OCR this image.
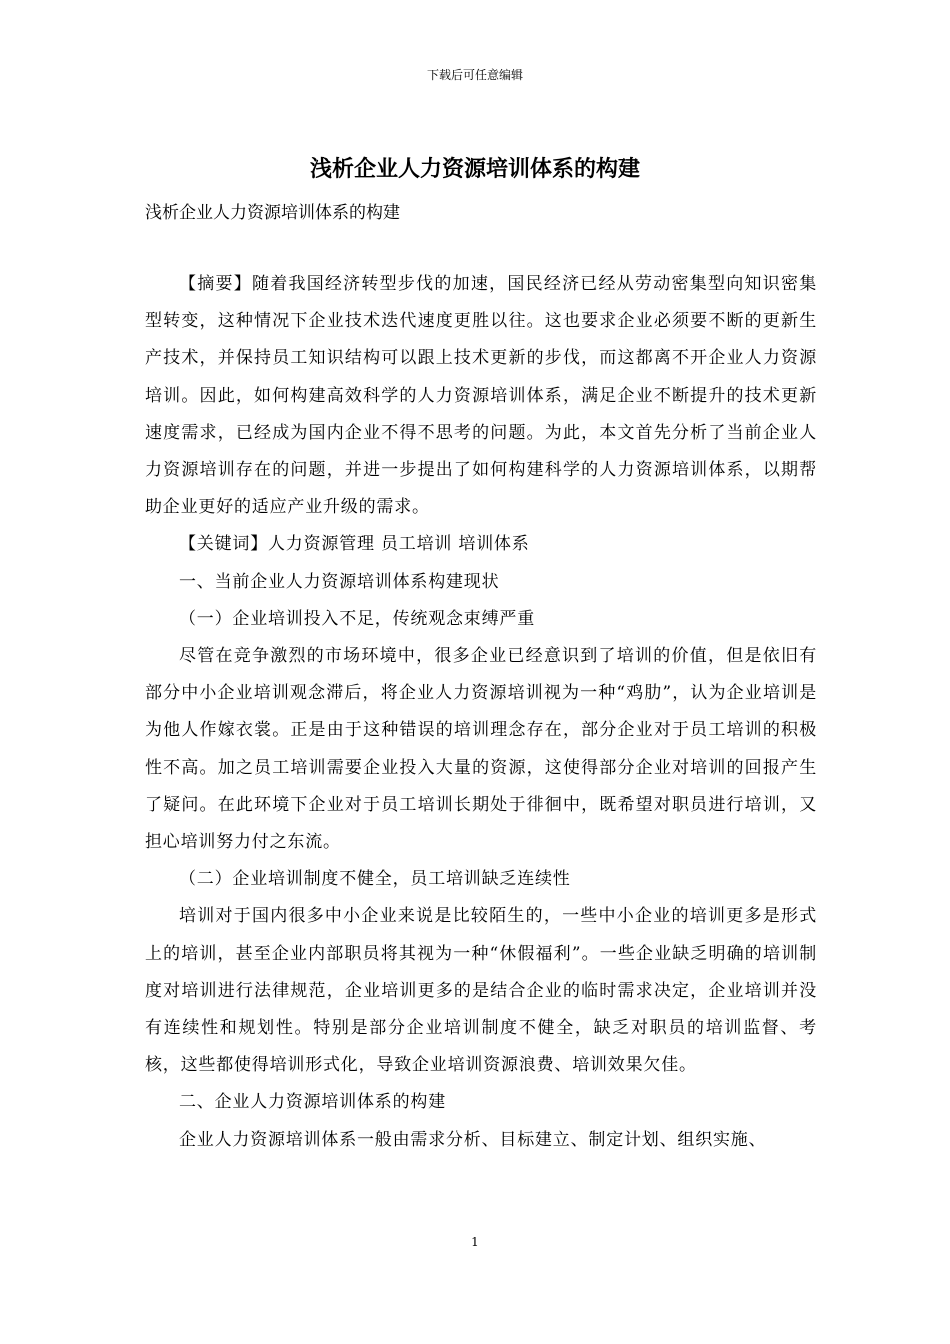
下载后可任意编辑
浅析企业人力资源培训体系的构建
浅析企业人力资源培训体系的构建

【摘要】随着我国经济转型步伐的加速，国民经济已经从劳动密集型向知识密集型转变，这种情况下企业技术迭代速度更胜以往。这也要求企业必须要不断的更新生产技术，并保持员工知识结构可以跟上技术更新的步伐，而这都离不开企业人力资源培训。因此，如何构建高效科学的人力资源培训体系，满足企业不断提升的技术更新速度需求，已经成为国内企业不得不思考的问题。为此，本文首先分析了当前企业人力资源培训存在的问题，并进一步提出了如何构建科学的人力资源培训体系，以期帮助企业更好的适应产业升级的需求。

【关键词】人力资源管理 员工培训 培训体系

一、当前企业人力资源培训体系构建现状

（一）企业培训投入不足，传统观念束缚严重

尽管在竞争激烈的市场环境中，很多企业已经意识到了培训的价值，但是依旧有部分中小企业培训观念滞后，将企业人力资源培训视为一种“鸡肋”，认为企业培训是为他人作嫁衣裳。正是由于这种错误的培训理念存在，部分企业对于员工培训的积极性不高。加之员工培训需要企业投入大量的资源，这使得部分企业对培训的回报产生了疑问。在此环境下企业对于员工培训长期处于徘徊中，既希望对职员进行培训，又担心培训努力付之东流。

（二）企业培训制度不健全，员工培训缺乏连续性

培训对于国内很多中小企业来说是比较陌生的，一些中小企业的培训更多是形式上的培训，甚至企业内部职员将其视为一种“休假福利”。一些企业缺乏明确的培训制度对培训进行法律规范，企业培训更多的是结合企业的临时需求决定，企业培训并没有连续性和规划性。特别是部分企业培训制度不健全，缺乏对职员的培训监督、考核，这些都使得培训形式化，导致企业培训资源浪费、培训效果欠佳。

二、企业人力资源培训体系的构建

企业人力资源培训体系一般由需求分析、目标建立、制定计划、组织实施、

1
